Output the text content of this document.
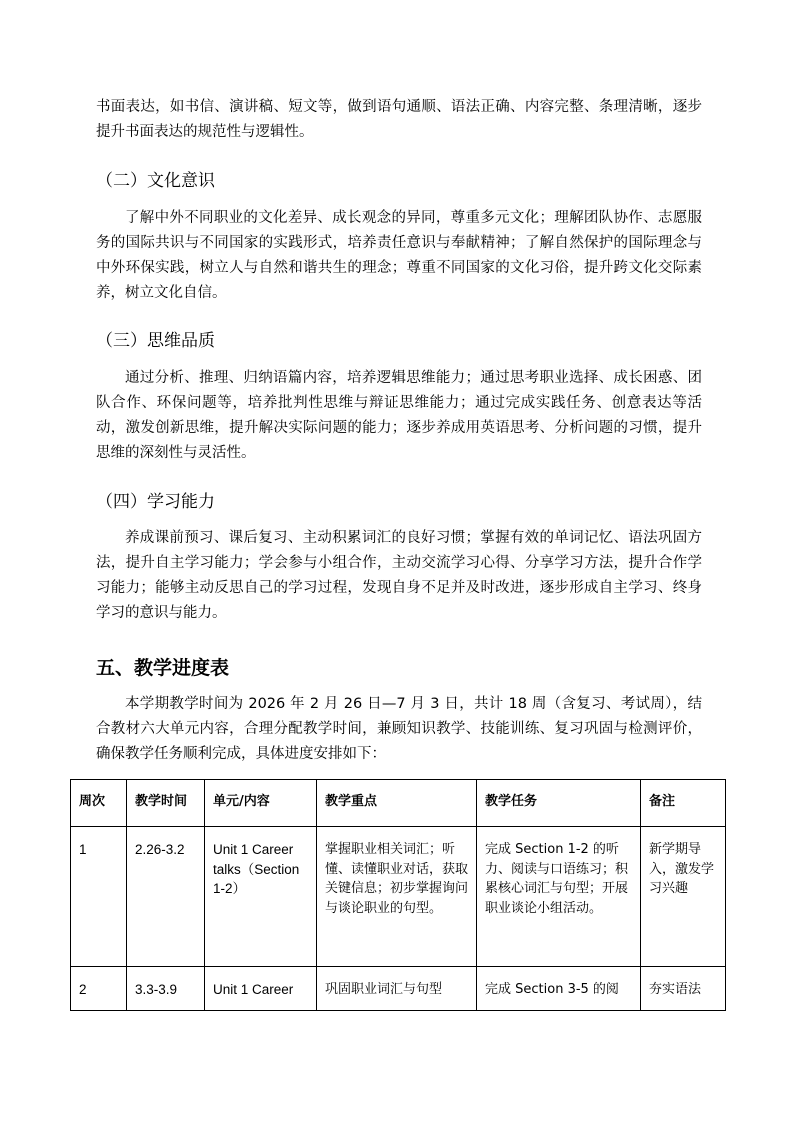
书面表达，如书信、演讲稿、短文等，做到语句通顺、语法正确、内容完整、条理清晰，逐步提升书面表达的规范性与逻辑性。
（二）文化意识
了解中外不同职业的文化差异、成长观念的异同，尊重多元文化；理解团队协作、志愿服务的国际共识与不同国家的实践形式，培养责任意识与奉献精神；了解自然保护的国际理念与中外环保实践，树立人与自然和谐共生的理念；尊重不同国家的文化习俗，提升跨文化交际素养，树立文化自信。
（三）思维品质
通过分析、推理、归纳语篇内容，培养逻辑思维能力；通过思考职业选择、成长困惑、团队合作、环保问题等，培养批判性思维与辩证思维能力；通过完成实践任务、创意表达等活动，激发创新思维，提升解决实际问题的能力；逐步养成用英语思考、分析问题的习惯，提升思维的深刻性与灵活性。
（四）学习能力
养成课前预习、课后复习、主动积累词汇的良好习惯；掌握有效的单词记忆、语法巩固方法，提升自主学习能力；学会参与小组合作，主动交流学习心得、分享学习方法，提升合作学习能力；能够主动反思自己的学习过程，发现自身不足并及时改进，逐步形成自主学习、终身学习的意识与能力。
五、教学进度表
本学期教学时间为 2026 年 2 月 26 日—7 月 3 日，共计 18 周（含复习、考试周），结合教材六大单元内容，合理分配教学时间，兼顾知识教学、技能训练、复习巩固与检测评价，确保教学任务顺利完成，具体进度安排如下：
周次	教学时间	单元/内容	教学重点	教学任务	备注
1	2.26-3.2	Unit 1 Career talks（Section 1-2）	掌握职业相关词汇；听懂、读懂职业对话，获取关键信息；初步掌握询问与谈论职业的句型。	完成 Section 1-2 的听力、阅读与口语练习；积累核心词汇与句型；开展职业谈论小组活动。	新学期导入，激发学习兴趣
2	3.3-3.9	Unit 1 Career	巩固职业词汇与句型	完成 Section 3-5 的阅	夯实语法
